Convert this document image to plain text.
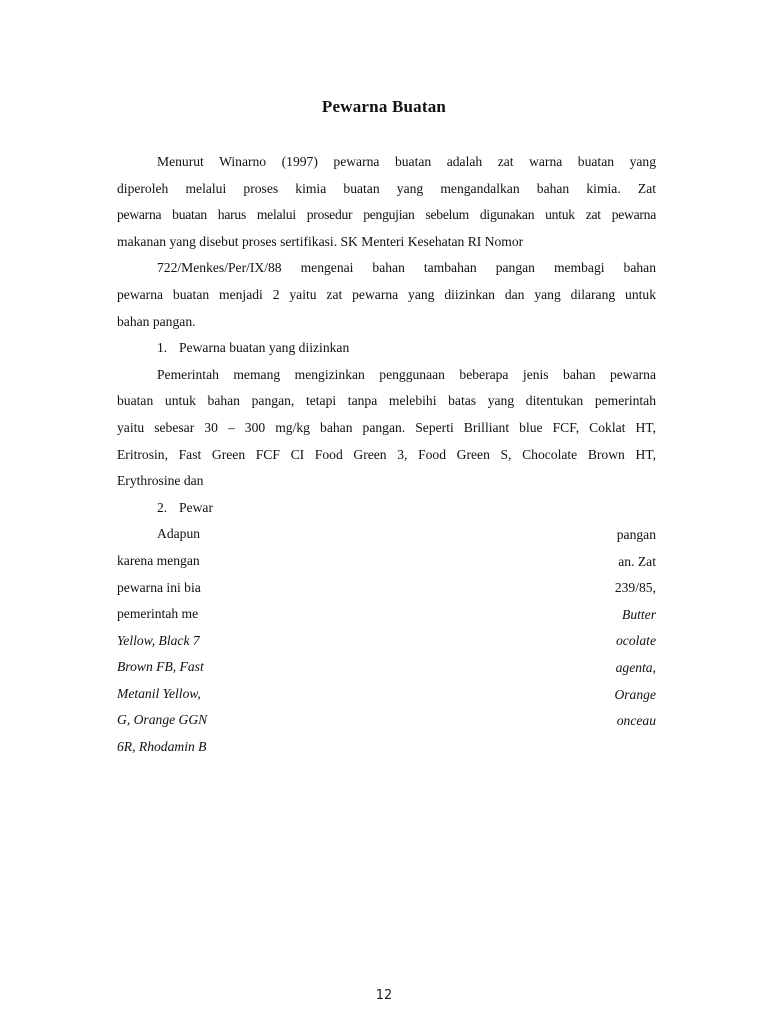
Pewarna Buatan
Menurut Winarno (1997) pewarna buatan adalah zat warna buatan yang
diperoleh melalui proses kimia buatan yang mengandalkan bahan kimia. Zat
pewarna buatan harus melalui prosedur pengujian sebelum digunakan untuk zat pewarna
makanan yang disebut proses sertifikasi. SK Menteri Kesehatan RI Nomor
722/Menkes/Per/IX/88 mengenai bahan tambahan pangan membagi bahan
pewarna buatan menjadi 2 yaitu zat pewarna yang diizinkan dan yang dilarang untuk
bahan pangan.
1. Pewarna buatan yang diizinkan
Pemerintah memang mengizinkan penggunaan beberapa jenis bahan pewarna
buatan untuk bahan pangan, tetapi tanpa melebihi batas yang ditentukan pemerintah
yaitu sebesar 30 – 300 mg/kg bahan pangan. Seperti Brilliant blue FCF, Coklat HT,
Eritrosin, Fast Green FCF CI Food Green 3, Food Green S, Chocolate Brown HT,
Erythrosine dan
2. Pewar
Adapun
karena mengan
pewarna ini bia
pemerintah me
Yellow, Black 7
Brown FB, Fast
Metanil Yellow,
G, Orange GGN
6R, Rhodamin B
pangan
an. Zat
239/85,
Butter
ocolate
agenta,
Orange
onceau
12
